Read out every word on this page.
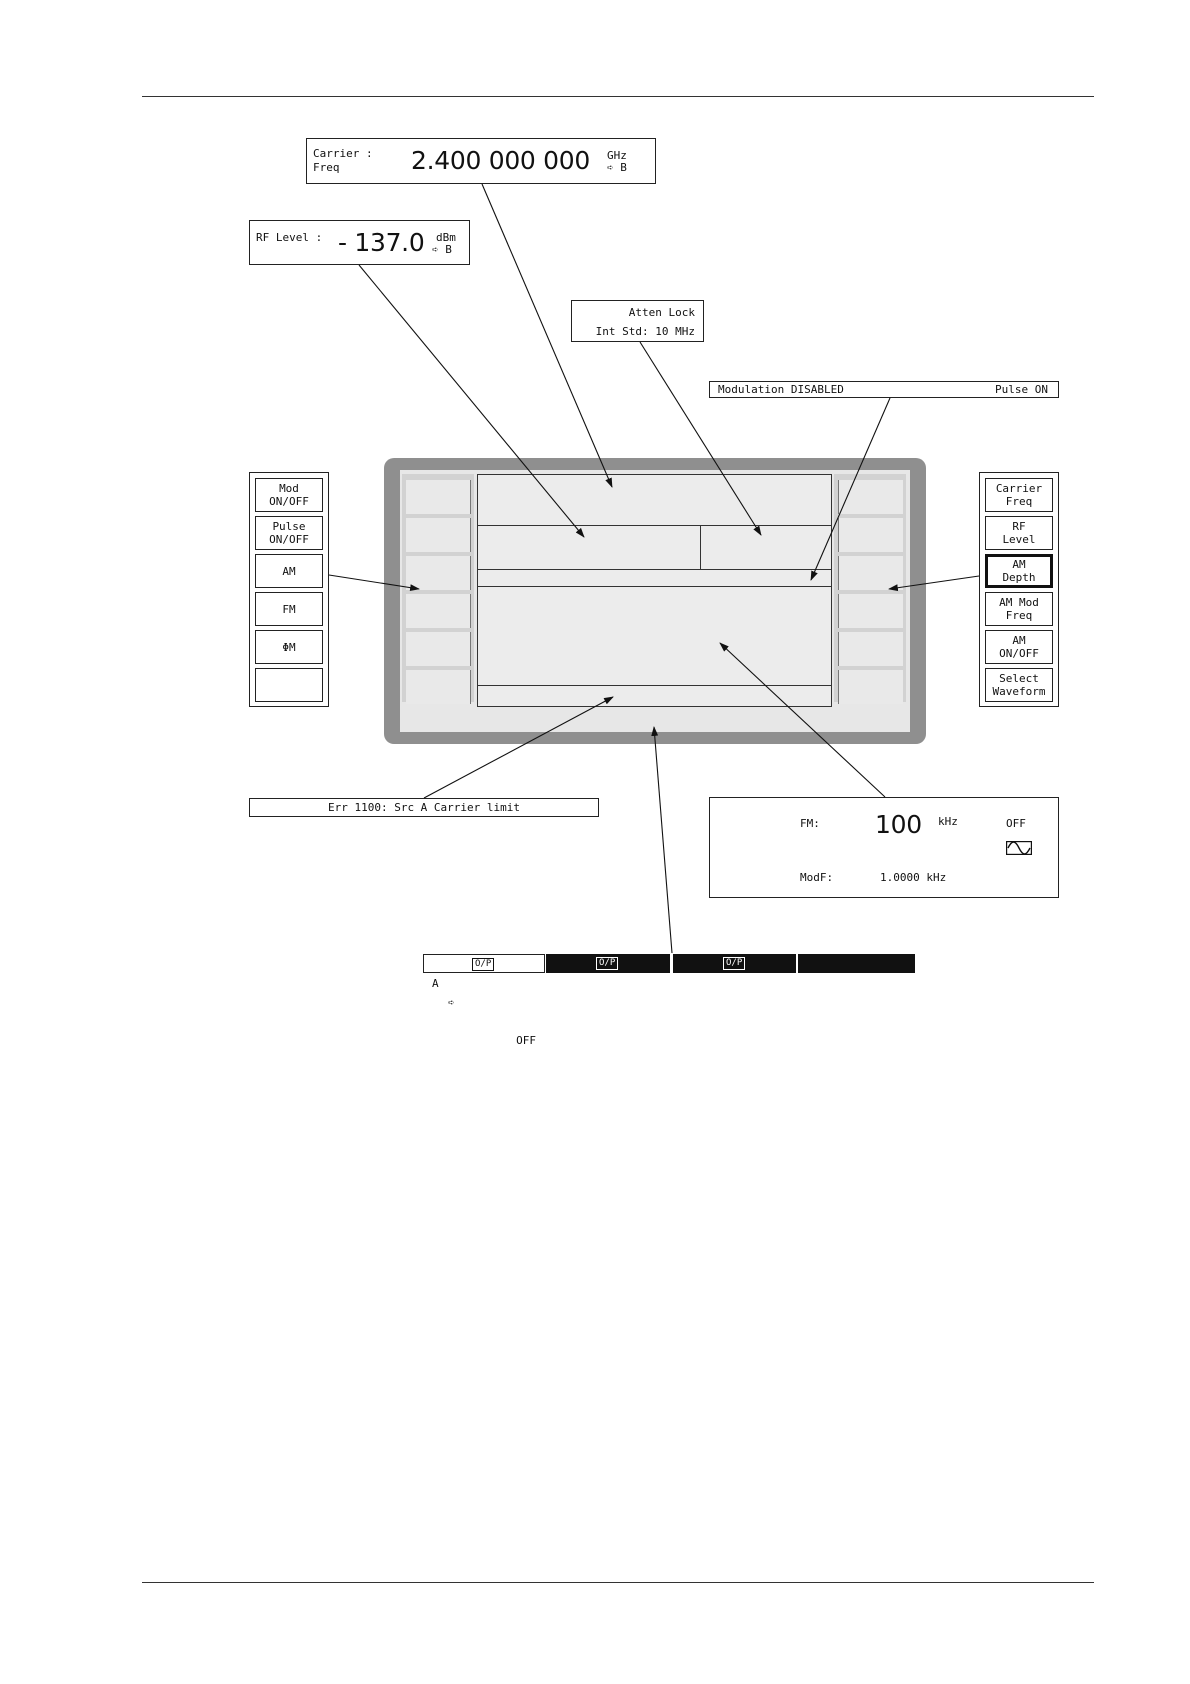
Carrier :
Freq	2.400 000 000 GHz
➪ B
RF Level : - 137.0 dBm
➪ B
Atten Lock
Int Std: 10 MHz
Modulation DISABLED	Pulse ON
Mod
ON/OFF
Pulse
ON/OFF
AM
FM
ΦM
Carrier
Freq
RF
Level
AM
Depth
AM Mod
Freq
AM
ON/OFF
Select
Waveform
Err 1100: Src A Carrier limit
FM: 100 kHz	OFF
ModF:	1.0000 kHz

A

➪

O/P

OFF

B

➪

O/P

OFF

C

➪

O/P

OFF

Σ not used
